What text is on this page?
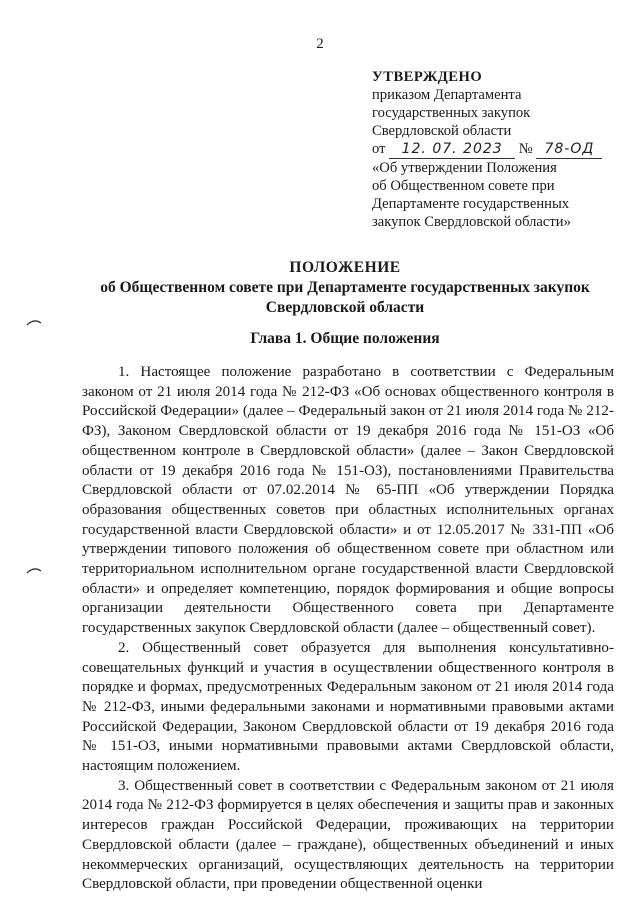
2
УТВЕРЖДЕНО
приказом Департамента
государственных закупок
Свердловской области
от 12. 07. 2023 № 78-ОД
«Об утверждении Положения
об Общественном совете при
Департаменте государственных
закупок Свердловской области»
ПОЛОЖЕНИЕ
об Общественном совете при Департаменте государственных закупок
Свердловской области
Глава 1. Общие положения

1. Настоящее положение разработано в соответствии с Федеральным законом от 21 июля 2014 года № 212-ФЗ «Об основах общественного контроля в Российской Федерации» (далее – Федеральный закон от 21 июля 2014 года № 212-ФЗ), Законом Свердловской области от 19 декабря 2016 года № 151-ОЗ «Об общественном контроле в Свердловской области» (далее – Закон Свердловской области от 19 декабря 2016 года № 151-ОЗ), постановлениями Правительства Свердловской области от 07.02.2014 № 65-ПП «Об утверждении Порядка образования общественных советов при областных исполнительных органах государственной власти Свердловской области» и от 12.05.2017 № 331-ПП «Об утверждении типового положения об общественном совете при областном или территориальном исполнительном органе государственной власти Свердловской области» и определяет компетенцию, порядок формирования и общие вопросы организации деятельности Общественного совета при Департаменте государственных закупок Свердловской области (далее – общественный совет).

2. Общественный совет образуется для выполнения консультативно-совещательных функций и участия в осуществлении общественного контроля в порядке и формах, предусмотренных Федеральным законом от 21 июля 2014 года № 212-ФЗ, иными федеральными законами и нормативными правовыми актами Российской Федерации, Законом Свердловской области от 19 декабря 2016 года № 151-ОЗ, иными нормативными правовыми актами Свердловской области, настоящим положением.

3. Общественный совет в соответствии с Федеральным законом от 21 июля 2014 года № 212-ФЗ формируется в целях обеспечения и защиты прав и законных интересов граждан Российской Федерации, проживающих на территории Свердловской области (далее – граждане), общественных объединений и иных некоммерческих организаций, осуществляющих деятельность на территории Свердловской области, при проведении общественной оценки
